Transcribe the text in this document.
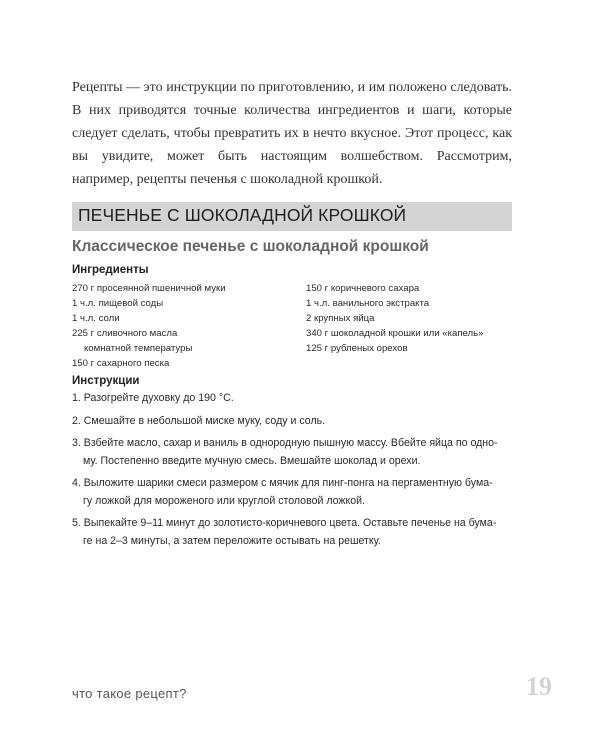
Рецепты — это инструкции по приготовлению, и им положено следовать. В них приводятся точные количества ингредиентов и шаги, которые следует сделать, чтобы превратить их в нечто вкусное. Этот процесс, как вы увидите, может быть настоящим волшебством. Рассмотрим, например, рецепты печенья с шоколадной крошкой.

ПЕЧЕНЬЕ С ШОКОЛАДНОЙ КРОШКОЙ
Классическое печенье с шоколадной крошкой
Ингредиенты
270 г просеянной пшеничной муки
1 ч.л. пищевой соды
1 ч.л. соли
225 г сливочного масла
комнатной температуры
150 г сахарного песка
150 г коричневого сахара
1 ч.л. ванильного экстракта
2 крупных яйца
340 г шоколадной крошки или «капель»
125 г рубленых орехов
Инструкции
1. Разогрейте духовку до 190 °С.
2. Смешайте в небольшой миске муку, соду и соль.
3. Взбейте масло, сахар и ваниль в однородную пышную массу. Вбейте яйца по одно-
му. Постепенно введите мучную смесь. Вмешайте шоколад и орехи.
4. Выложите шарики смеси размером с мячик для пинг-понга на пергаментную бума-
гу ложкой для мороженого или круглой столовой ложкой.
5. Выпекайте 9–11 минут до золотисто-коричневого цвета. Оставьте печенье на бума-
ге на 2–3 минуты, а затем переложите остывать на решетку.

что такое рецепт?	19
